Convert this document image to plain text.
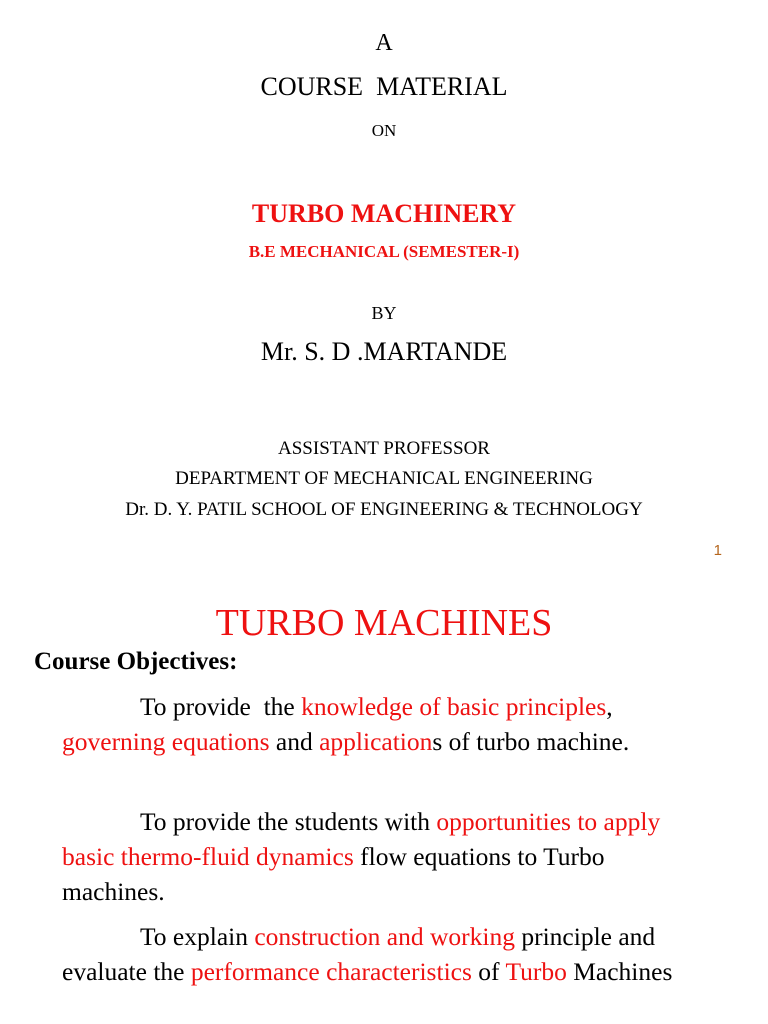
A
COURSE  MATERIAL
ON
TURBO MACHINERY
B.E MECHANICAL (SEMESTER-I)
BY
Mr. S. D .MARTANDE
ASSISTANT PROFESSOR
DEPARTMENT OF MECHANICAL ENGINEERING
Dr. D. Y. PATIL SCHOOL OF ENGINEERING & TECHNOLOGY
1
TURBO MACHINES
Course Objectives:
To provide  the knowledge of basic principles, governing equations and applications of turbo machine.
To provide the students with opportunities to apply basic thermo-fluid dynamics flow equations to Turbo machines.
To explain construction and working principle and evaluate the performance characteristics of Turbo Machines
